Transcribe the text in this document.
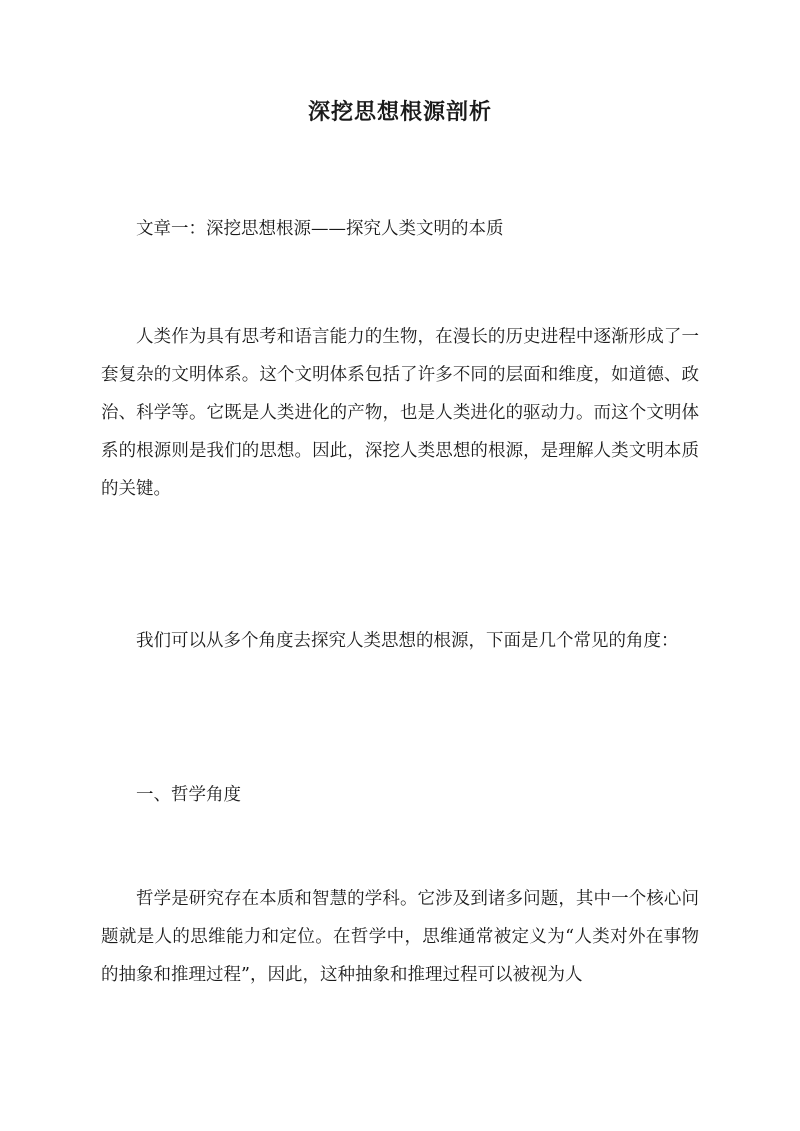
深挖思想根源剖析

文章一：深挖思想根源——探究人类文明的本质

人类作为具有思考和语言能力的生物，在漫长的历史进程中逐渐形成了一套复杂的文明体系。这个文明体系包括了许多不同的层面和维度，如道德、政治、科学等。它既是人类进化的产物，也是人类进化的驱动力。而这个文明体系的根源则是我们的思想。因此，深挖人类思想的根源，是理解人类文明本质的关键。

我们可以从多个角度去探究人类思想的根源，下面是几个常见的角度：

一、哲学角度

哲学是研究存在本质和智慧的学科。它涉及到诸多问题，其中一个核心问题就是人的思维能力和定位。在哲学中，思维通常被定义为“人类对外在事物的抽象和推理过程”，因此，这种抽象和推理过程可以被视为人
